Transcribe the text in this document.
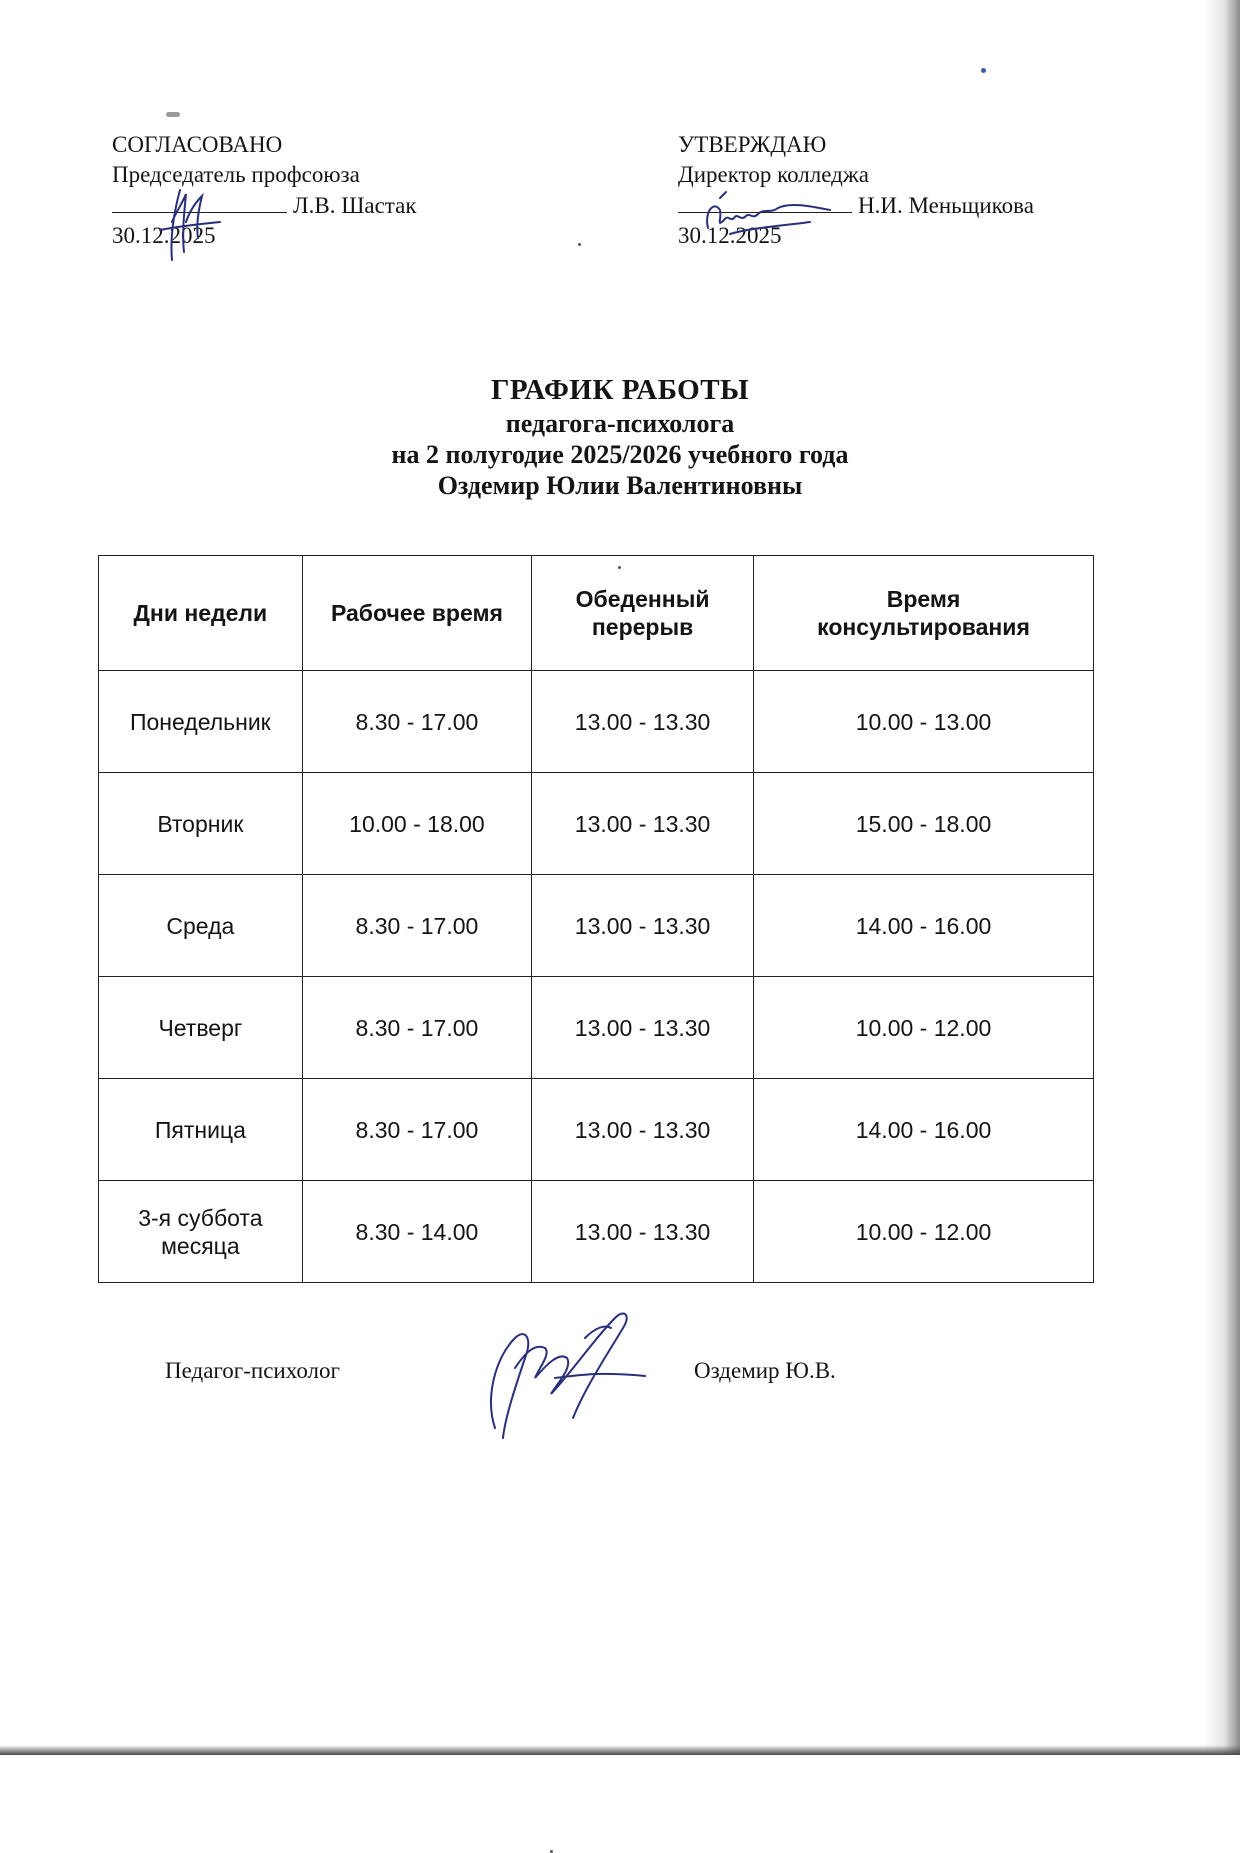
СОГЛАСОВАНО
Председатель профсоюза
Л.В. Шастак
30.12.2025
УТВЕРЖДАЮ
Директор колледжа
Н.И. Меньщикова
30.12.2025
ГРАФИК РАБОТЫ
педагога-психолога
на 2 полугодие 2025/2026 учебного года
Оздемир Юлии Валентиновны
Дни недели	Рабочее время	Обеденный перерыв	Время консультирования
Понедельник	8.30 - 17.00	13.00 - 13.30	10.00 - 13.00
Вторник	10.00 - 18.00	13.00 - 13.30	15.00 - 18.00
Среда	8.30 - 17.00	13.00 - 13.30	14.00 - 16.00
Четверг	8.30 - 17.00	13.00 - 13.30	10.00 - 12.00
Пятница	8.30 - 17.00	13.00 - 13.30	14.00 - 16.00
3-я суббота месяца	8.30 - 14.00	13.00 - 13.30	10.00 - 12.00
Педагог-психолог	Оздемир Ю.В.
